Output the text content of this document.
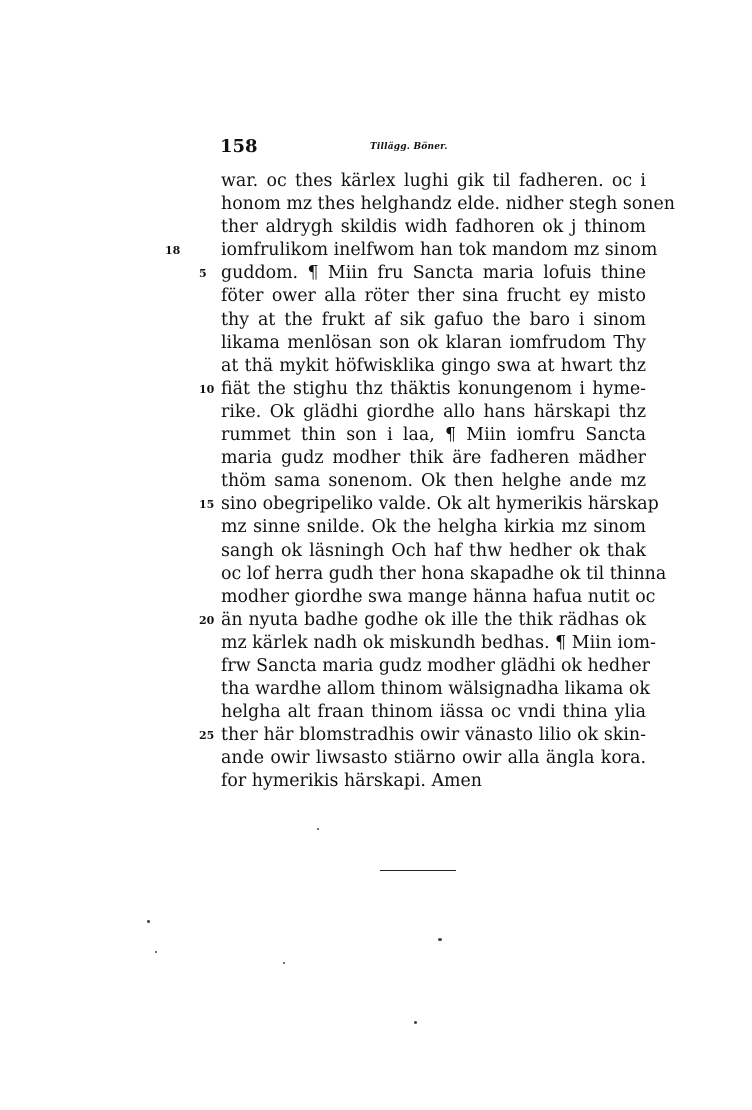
158	Tillägg. Böner.
war. oc thes kärlex lughi gik til fadheren. oc i
honom mz thes helghandz elde. nidher stegh sonen
ther aldrygh skildis widh fadhoren ok j thinom
18 iomfrulikom inelfwom han tok mandom mz sinom
5 guddom. ¶ Miin fru Sancta maria lofuis thine
föter ower alla röter ther sina frucht ey misto
thy at the frukt af sik gafuo the baro i sinom
likama menlösan son ok klaran iomfrudom Thy
at thä mykit höfwisklika gingo swa at hwart thz
10 fiät the stighu thz thäktis konungenom i hyme-
rike. Ok glädhi giordhe allo hans härskapi thz
rummet thin son i laa, ¶ Miin iomfru Sancta
maria gudz modher thik äre fadheren mädher
thöm sama sonenom. Ok then helghe ande mz
15 sino obegripeliko valde. Ok alt hymerikis härskap
mz sinne snilde. Ok the helgha kirkia mz sinom
sangh ok läsningh Och haf thw hedher ok thak
oc lof herra gudh ther hona skapadhe ok til thinna
modher giordhe swa mange hänna hafua nutit oc
20 än nyuta badhe godhe ok ille the thik rädhas ok
mz kärlek nadh ok miskundh bedhas. ¶ Miin iom-
frw Sancta maria gudz modher glädhi ok hedher
tha wardhe allom thinom wälsignadha likama ok
helgha alt fraan thinom iässa oc vndi thina ylia
25 ther här blomstradhis owir vänasto lilio ok skin-
ande owir liwsasto stiärno owir alla ängla kora.
for hymerikis härskapi. Amen
